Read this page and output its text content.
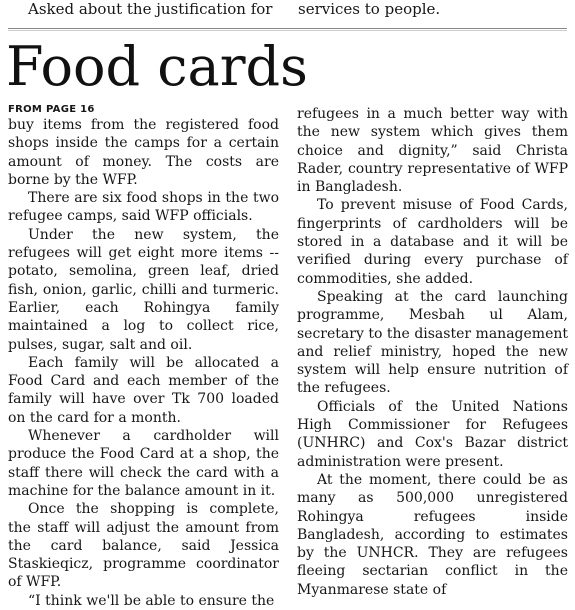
Asked about the justification for services to people.
Food cards
FROM PAGE 16

buy items from the registered food shops inside the camps for a certain amount of money. The costs are borne by the WFP.

There are six food shops in the two refugee camps, said WFP officials.

Under the new system, the refugees will get eight more items -- potato, semolina, green leaf, dried fish, onion, garlic, chilli and turmeric. Earlier, each Rohingya family maintained a log to collect rice, pulses, sugar, salt and oil.

Each family will be allocated a Food Card and each member of the family will have over Tk 700 loaded on the card for a month.

Whenever a cardholder will produce the Food Card at a shop, the staff there will check the card with a machine for the balance amount in it.

Once the shopping is complete, the staff will adjust the amount from the card balance, said Jessica Staskieqicz, programme coordinator of WFP.

“I think we'll be able to ensure the

refugees in a much better way with the new system which gives them choice and dignity,” said Christa Rader, country representative of WFP in Bangladesh.

To prevent misuse of Food Cards, fingerprints of cardholders will be stored in a database and it will be verified during every purchase of commodities, she added.

Speaking at the card launching programme, Mesbah ul Alam, secretary to the disaster management and relief ministry, hoped the new system will help ensure nutrition of the refugees.

Officials of the United Nations High Commissioner for Refugees (UNHRC) and Cox's Bazar district administration were present.

At the moment, there could be as many as 500,000 unregistered Rohingya refugees inside Bangladesh, according to estimates by the UNHCR. They are refugees fleeing sectarian conflict in the Myanmarese state of
